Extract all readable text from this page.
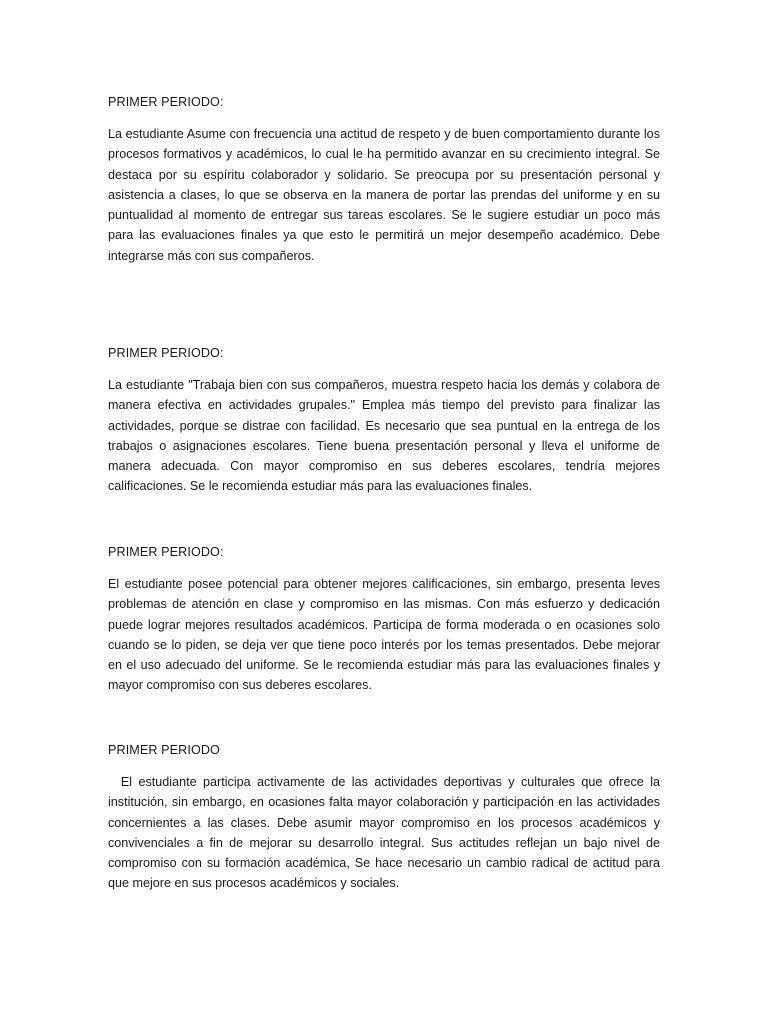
PRIMER PERIODO:

La estudiante Asume con frecuencia una actitud de respeto y de buen comportamiento durante los procesos formativos y académicos, lo cual le ha permitido avanzar en su crecimiento integral. Se destaca por su espíritu colaborador y solidario. Se preocupa por su presentación personal y asistencia a clases, lo que se observa en la manera de portar las prendas del uniforme y en su puntualidad al momento de entregar sus tareas escolares. Se le sugiere estudiar un poco más para las evaluaciones finales ya que esto le permitirá un mejor desempeño académico. Debe integrarse más con sus compañeros.

PRIMER PERIODO:

La estudiante "Trabaja bien con sus compañeros, muestra respeto hacia los demás y colabora de manera efectiva en actividades grupales." Emplea más tiempo del previsto para finalizar las actividades, porque se distrae con facilidad. Es necesario que sea puntual en la entrega de los trabajos o asignaciones escolares. Tiene buena presentación personal y lleva el uniforme de manera adecuada. Con mayor compromiso en sus deberes escolares, tendría mejores calificaciones. Se le recomienda estudiar más para las evaluaciones finales.

PRIMER PERIODO:

El estudiante posee potencial para obtener mejores calificaciones, sin embargo, presenta leves problemas de atención en clase y compromiso en las mismas. Con más esfuerzo y dedicación puede lograr mejores resultados académicos. Participa de forma moderada o en ocasiones solo cuando se lo piden, se deja ver que tiene poco interés por los temas presentados. Debe mejorar en el uso adecuado del uniforme. Se le recomienda estudiar más para las evaluaciones finales y mayor compromiso con sus deberes escolares.

PRIMER PERIODO

El estudiante participa activamente de las actividades deportivas y culturales que ofrece la institución, sin embargo, en ocasiones falta mayor colaboración y participación en las actividades concernientes a las clases. Debe asumir mayor compromiso en los procesos académicos y convivenciales a fin de mejorar su desarrollo integral. Sus actitudes reflejan un bajo nivel de compromiso con su formación académica, Se hace necesario un cambio radical de actitud para que mejore en sus procesos académicos y sociales.
